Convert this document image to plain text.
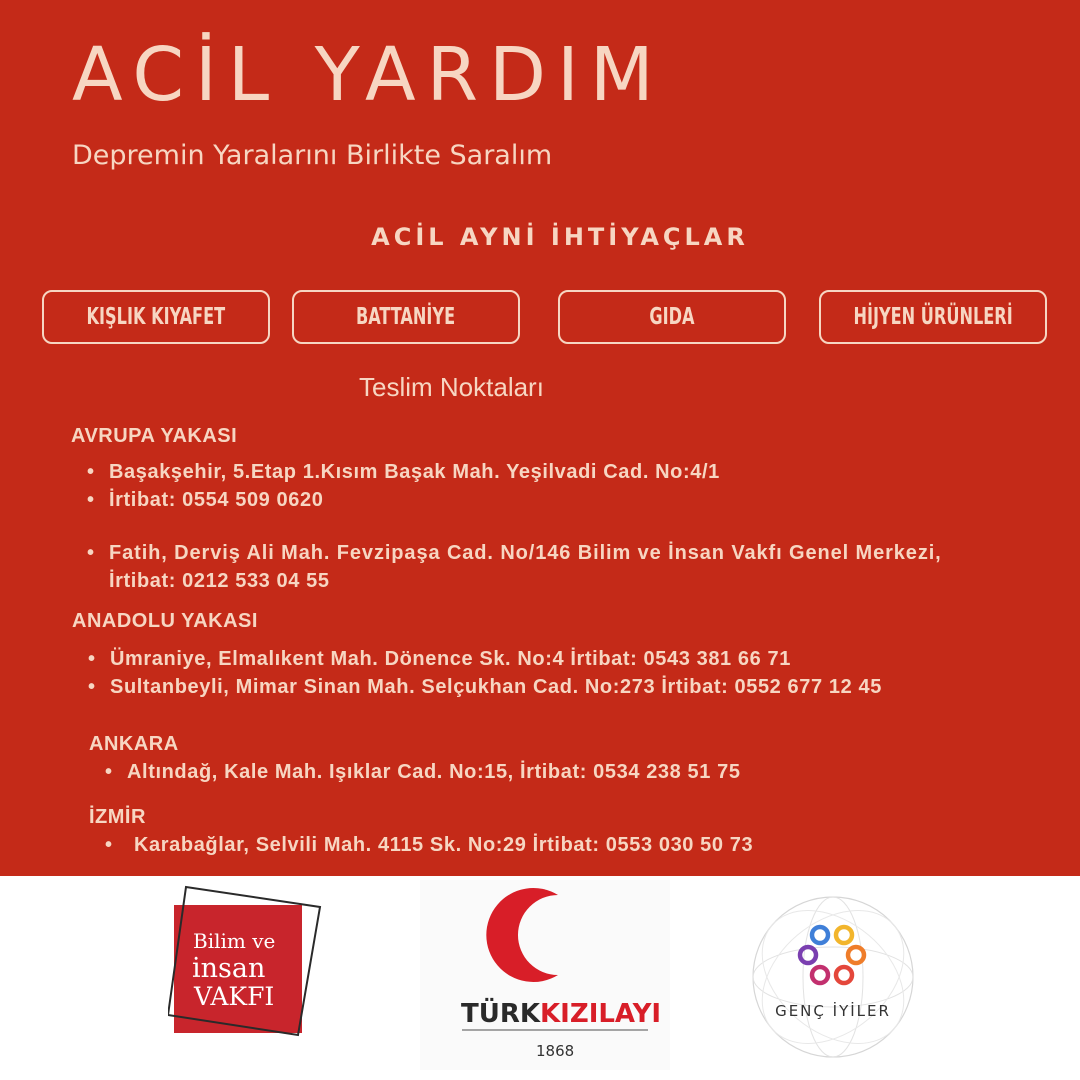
ACİL YARDIM

Depremin Yaralarını Birlikte Saralım

ACİL AYNİ İHTİYAÇLAR
KIŞLIK KIYAFET	BATTANİYE	GIDA	HİJYEN ÜRÜNLERİ
Teslim Noktaları
AVRUPA YAKASI
• Başakşehir, 5.Etap 1.Kısım Başak Mah. Yeşilvadi Cad. No:4/1
• İrtibat: 0554 509 0620
• Fatih, Derviş Ali Mah. Fevzipaşa Cad. No/146 Bilim ve İnsan Vakfı Genel Merkezi,
İrtibat: 0212 533 04 55
ANADOLU YAKASI
• Ümraniye, Elmalıkent Mah. Dönence Sk. No:4 İrtibat: 0543 381 66 71
• Sultanbeyli, Mimar Sinan Mah. Selçukhan Cad. No:273 İrtibat: 0552 677 12 45
ANKARA
• Altındağ, Kale Mah. Işıklar Cad. No:15, İrtibat: 0534 238 51 75
İZMİR
• Karabağlar, Selvili Mah. 4115 Sk. No:29 İrtibat: 0553 030 50 73
Bilim ve
insan
VAKFI
TÜRKKIZILAYI
1868
GENÇ İYİLER
